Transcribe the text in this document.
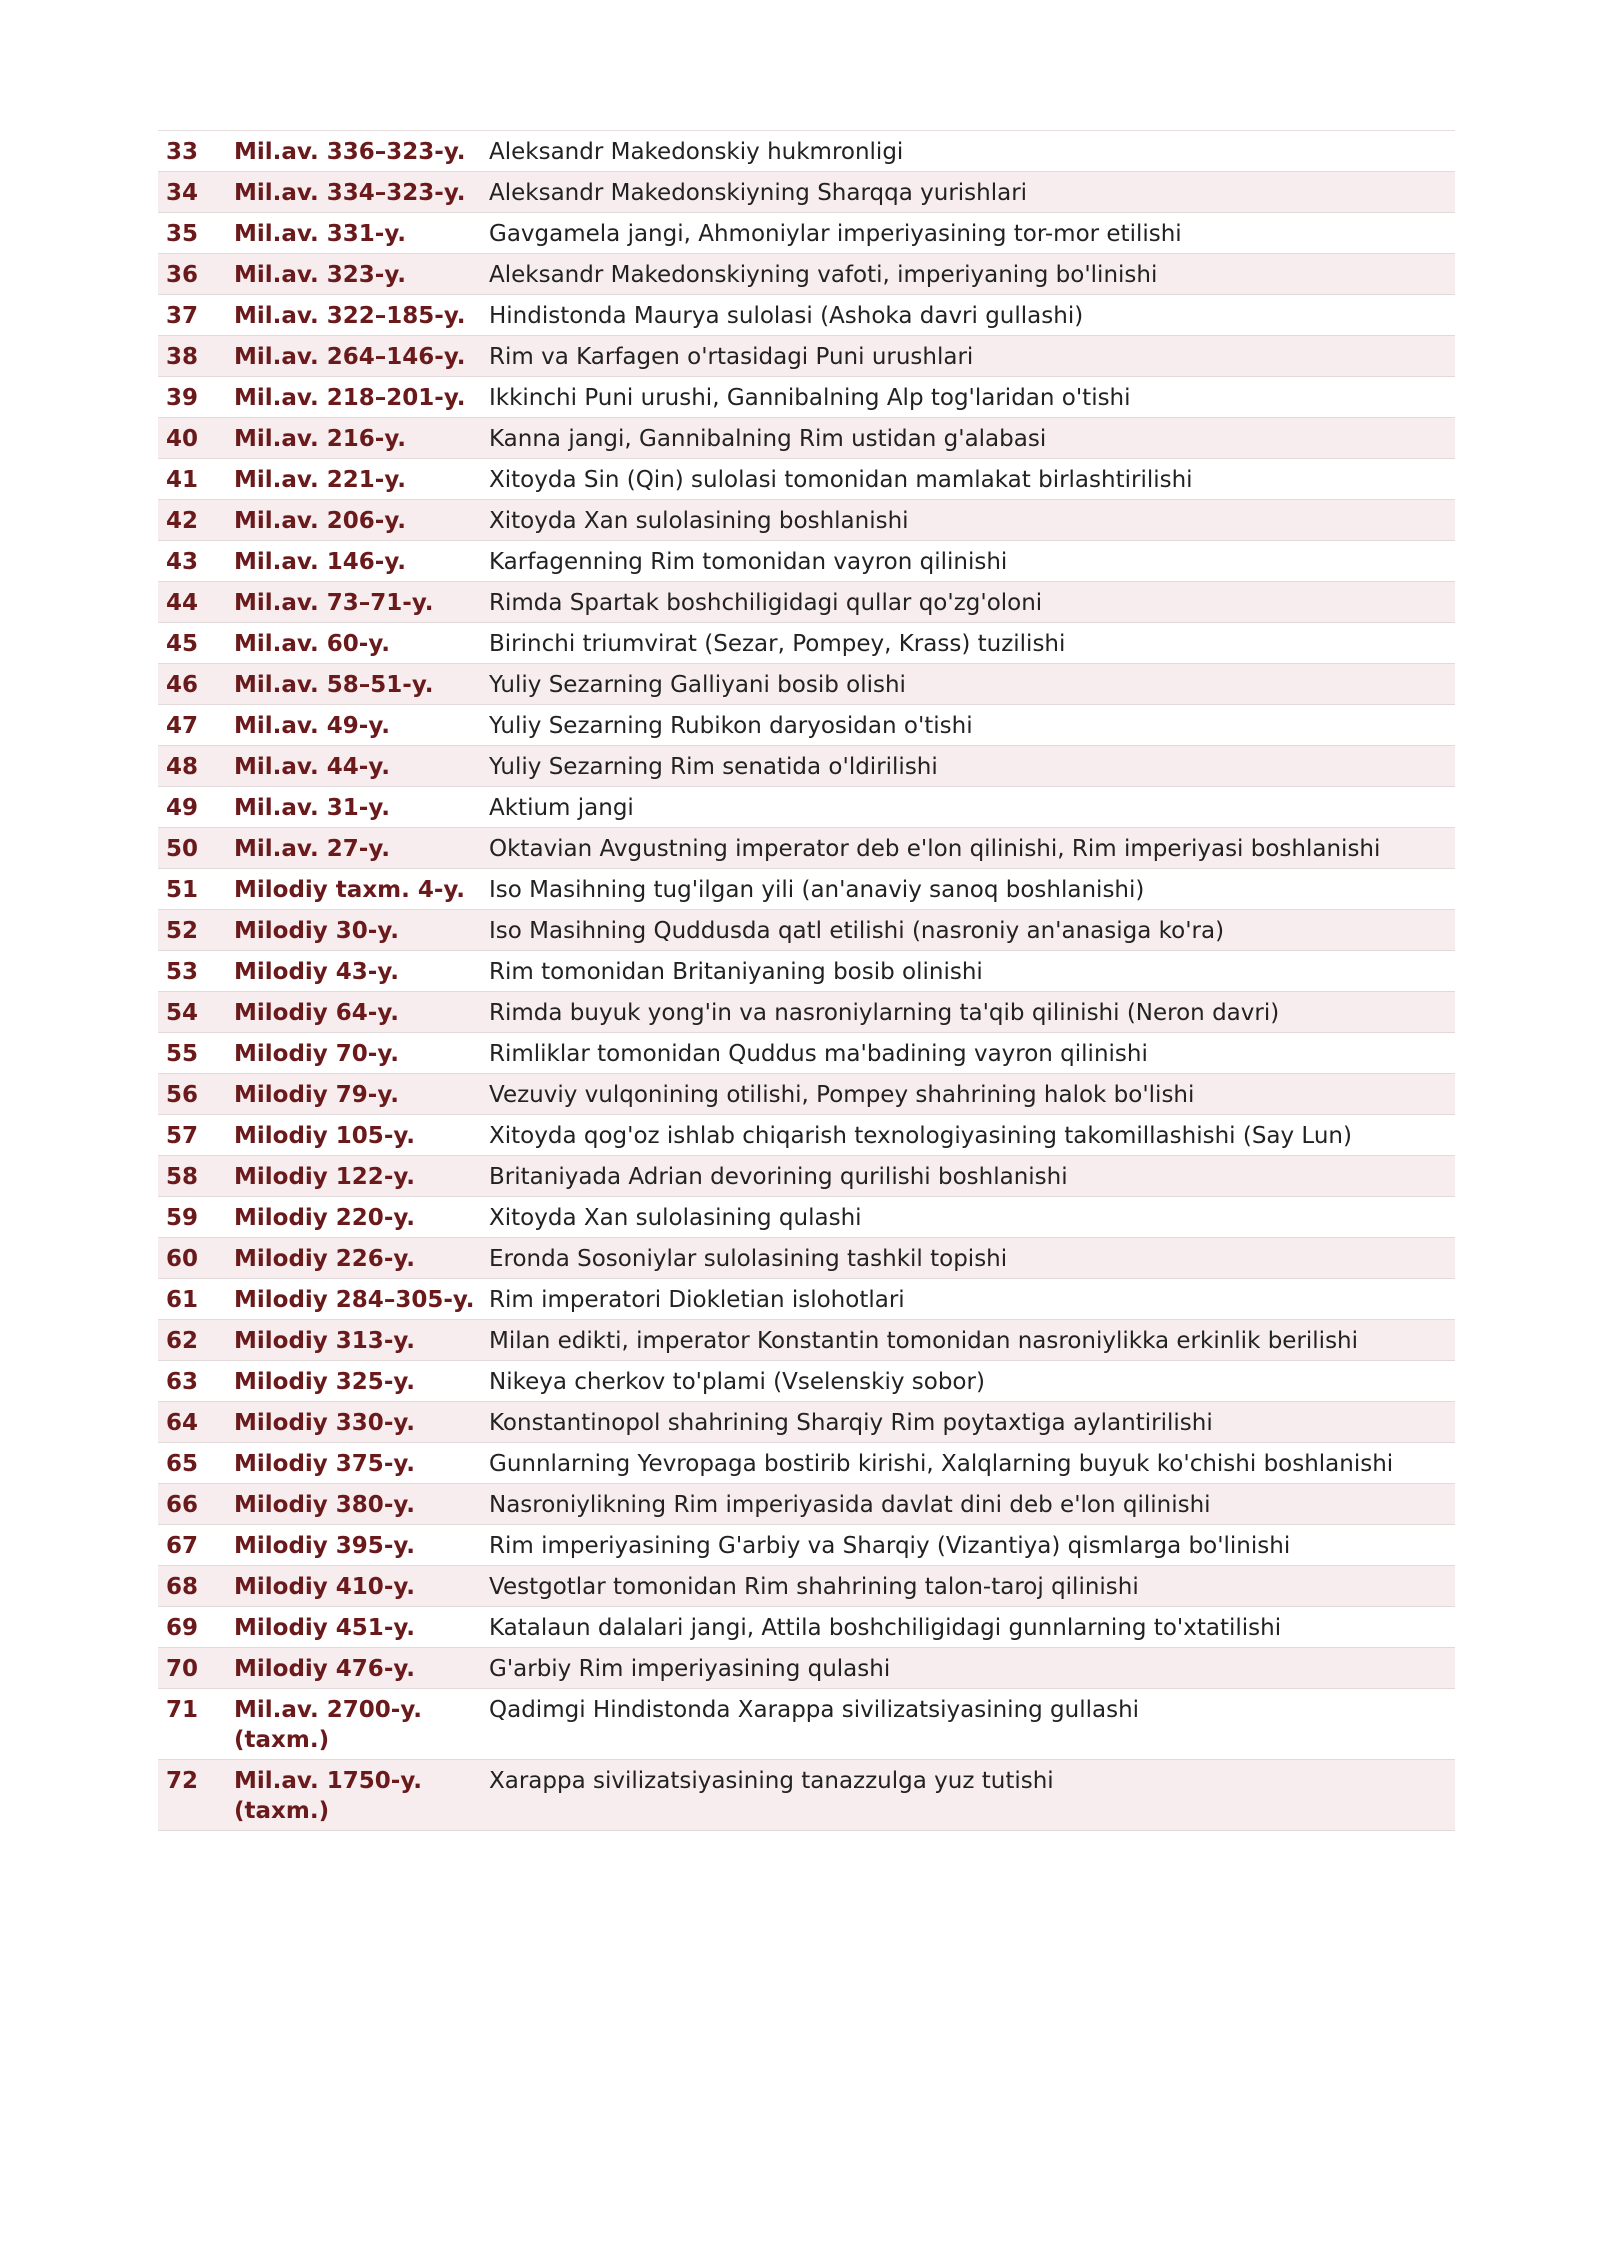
33	Mil.av. 336–323-y.	Aleksandr Makedonskiy hukmronligi
34	Mil.av. 334–323-y.	Aleksandr Makedonskiyning Sharqqa yurishlari
35	Mil.av. 331-y.	Gavgamela jangi, Ahmoniylar imperiyasining tor-mor etilishi
36	Mil.av. 323-y.	Aleksandr Makedonskiyning vafoti, imperiyaning bo'linishi
37	Mil.av. 322–185-y.	Hindistonda Maurya sulolasi (Ashoka davri gullashi)
38	Mil.av. 264–146-y.	Rim va Karfagen o'rtasidagi Puni urushlari
39	Mil.av. 218–201-y.	Ikkinchi Puni urushi, Gannibalning Alp tog'laridan o'tishi
40	Mil.av. 216-y.	Kanna jangi, Gannibalning Rim ustidan g'alabasi
41	Mil.av. 221-y.	Xitoyda Sin (Qin) sulolasi tomonidan mamlakat birlashtirilishi
42	Mil.av. 206-y.	Xitoyda Xan sulolasining boshlanishi
43	Mil.av. 146-y.	Karfagenning Rim tomonidan vayron qilinishi
44	Mil.av. 73–71-y.	Rimda Spartak boshchiligidagi qullar qo'zg'oloni
45	Mil.av. 60-y.	Birinchi triumvirat (Sezar, Pompey, Krass) tuzilishi
46	Mil.av. 58–51-y.	Yuliy Sezarning Galliyani bosib olishi
47	Mil.av. 49-y.	Yuliy Sezarning Rubikon daryosidan o'tishi
48	Mil.av. 44-y.	Yuliy Sezarning Rim senatida o'ldirilishi
49	Mil.av. 31-y.	Aktium jangi
50	Mil.av. 27-y.	Oktavian Avgustning imperator deb e'lon qilinishi, Rim imperiyasi boshlanishi
51	Milodiy taxm. 4-y.	Iso Masihning tug'ilgan yili (an'anaviy sanoq boshlanishi)
52	Milodiy 30-y.	Iso Masihning Quddusda qatl etilishi (nasroniy an'anasiga ko'ra)
53	Milodiy 43-y.	Rim tomonidan Britaniyaning bosib olinishi
54	Milodiy 64-y.	Rimda buyuk yong'in va nasroniylarning ta'qib qilinishi (Neron davri)
55	Milodiy 70-y.	Rimliklar tomonidan Quddus ma'badining vayron qilinishi
56	Milodiy 79-y.	Vezuviy vulqonining otilishi, Pompey shahrining halok bo'lishi
57	Milodiy 105-y.	Xitoyda qog'oz ishlab chiqarish texnologiyasining takomillashishi (Say Lun)
58	Milodiy 122-y.	Britaniyada Adrian devorining qurilishi boshlanishi
59	Milodiy 220-y.	Xitoyda Xan sulolasining qulashi
60	Milodiy 226-y.	Eronda Sosoniylar sulolasining tashkil topishi
61	Milodiy 284–305-y.	Rim imperatori Diokletian islohotlari
62	Milodiy 313-y.	Milan edikti, imperator Konstantin tomonidan nasroniylikka erkinlik berilishi
63	Milodiy 325-y.	Nikeya cherkov to'plami (Vselenskiy sobor)
64	Milodiy 330-y.	Konstantinopol shahrining Sharqiy Rim poytaxtiga aylantirilishi
65	Milodiy 375-y.	Gunnlarning Yevropaga bostirib kirishi, Xalqlarning buyuk ko'chishi boshlanishi
66	Milodiy 380-y.	Nasroniylikning Rim imperiyasida davlat dini deb e'lon qilinishi
67	Milodiy 395-y.	Rim imperiyasining G'arbiy va Sharqiy (Vizantiya) qismlarga bo'linishi
68	Milodiy 410-y.	Vestgotlar tomonidan Rim shahrining talon-taroj qilinishi
69	Milodiy 451-y.	Katalaun dalalari jangi, Attila boshchiligidagi gunnlarning to'xtatilishi
70	Milodiy 476-y.	G'arbiy Rim imperiyasining qulashi
71	Mil.av. 2700-y. (taxm.)	Qadimgi Hindistonda Xarappa sivilizatsiyasining gullashi
72	Mil.av. 1750-y. (taxm.)	Xarappa sivilizatsiyasining tanazzulga yuz tutishi
